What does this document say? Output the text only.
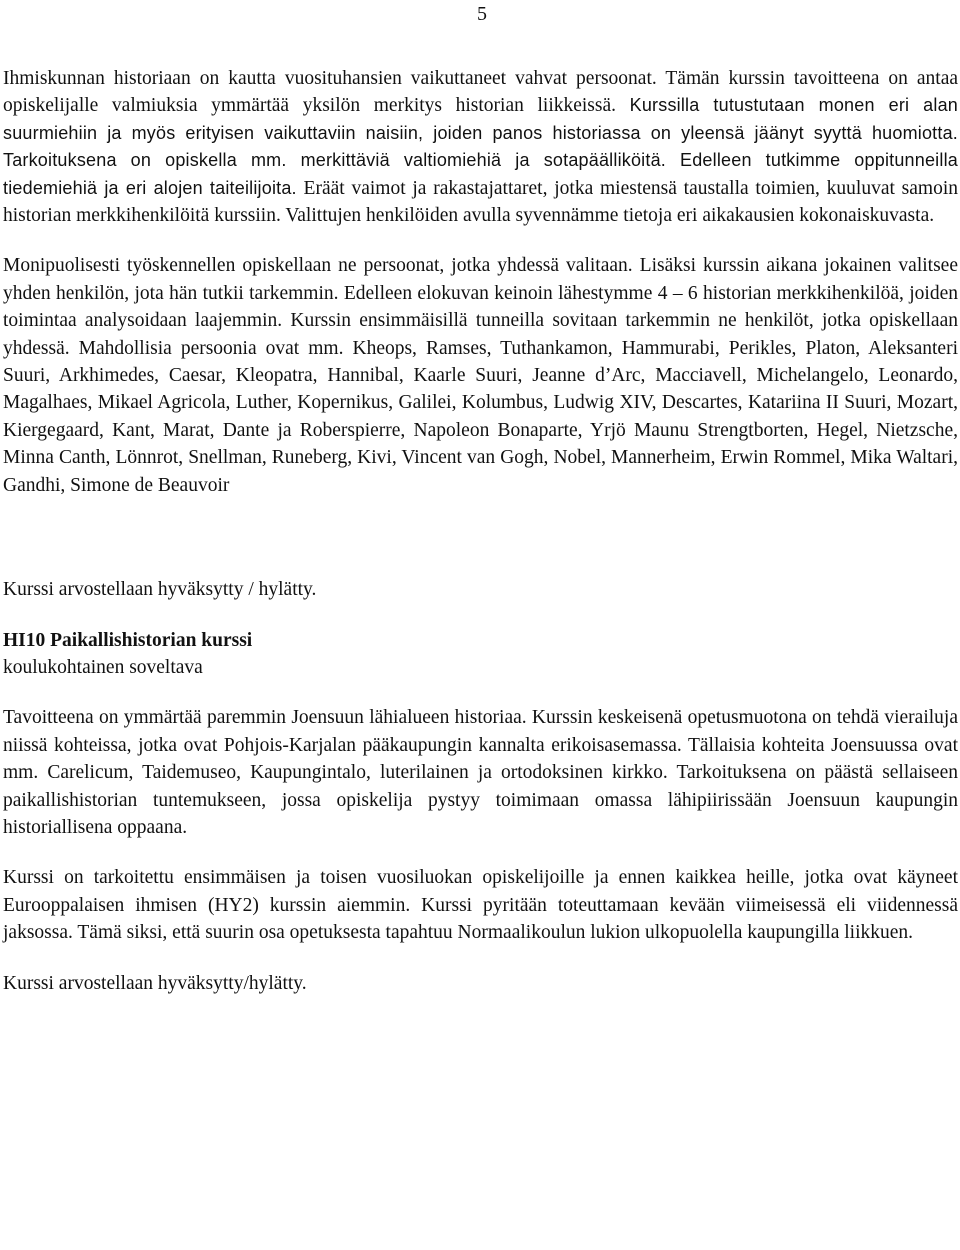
5

Ihmiskunnan historiaan on kautta vuosituhansien vaikuttaneet vahvat persoonat. Tämän kurssin tavoitteena on antaa opiskelijalle valmiuksia ymmärtää yksilön merkitys historian liikkeissä. Kurssilla tutustutaan monen eri alan suurmiehiin ja myös erityisen vaikuttaviin naisiin, joiden panos historiassa on yleensä jäänyt syyttä huomiotta. Tarkoituksena on opiskella mm. merkittäviä valtiomiehiä ja sotapäälliköitä. Edelleen tutkimme oppitunneilla tiedemiehiä ja eri alojen taiteilijoita. Eräät vaimot ja rakastajattaret, jotka miestensä taustalla toimien, kuuluvat samoin historian merkkihenkilöitä kurssiin. Valittujen henkilöiden avulla syvennämme tietoja eri aikakausien kokonaiskuvasta.

Monipuolisesti työskennellen opiskellaan ne persoonat, jotka yhdessä valitaan. Lisäksi kurssin aikana jokainen valitsee yhden henkilön, jota hän tutkii tarkemmin. Edelleen elokuvan keinoin lähestymme 4 – 6 historian merkkihenkilöä, joiden toimintaa analysoidaan laajemmin. Kurssin ensimmäisillä tunneilla sovitaan tarkemmin ne henkilöt, jotka opiskellaan yhdessä. Mahdollisia persoonia ovat mm. Kheops, Ramses, Tuthankamon, Hammurabi, Perikles, Platon, Aleksanteri Suuri, Arkhimedes, Caesar, Kleopatra, Hannibal, Kaarle Suuri, Jeanne d’Arc, Macciavell, Michelangelo, Leonardo, Magalhaes, Mikael Agricola, Luther, Kopernikus, Galilei, Kolumbus, Ludwig XIV, Descartes, Katariina II Suuri, Mozart, Kiergegaard, Kant, Marat, Dante ja Roberspierre, Napoleon Bonaparte, Yrjö Maunu Strengtborten, Hegel, Nietzsche, Minna Canth, Lönnrot, Snellman, Runeberg, Kivi, Vincent van Gogh, Nobel, Mannerheim, Erwin Rommel, Mika Waltari, Gandhi, Simone de Beauvoir

Kurssi arvostellaan hyväksytty / hylätty.

HI10 Paikallishistorian kurssi

koulukohtainen soveltava

Tavoitteena on ymmärtää paremmin Joensuun lähialueen historiaa. Kurssin keskeisenä opetusmuotona on tehdä vierailuja niissä kohteissa, jotka ovat Pohjois-Karjalan pääkaupungin kannalta erikoisasemassa. Tällaisia kohteita Joensuussa ovat mm. Carelicum, Taidemuseo, Kaupungintalo, luterilainen ja ortodoksinen kirkko. Tarkoituksena on päästä sellaiseen paikallishistorian tuntemukseen, jossa opiskelija pystyy toimimaan omassa lähipiirissään Joensuun kaupungin historiallisena oppaana.

Kurssi on tarkoitettu ensimmäisen ja toisen vuosiluokan opiskelijoille ja ennen kaikkea heille, jotka ovat käyneet Eurooppalaisen ihmisen (HY2) kurssin aiemmin. Kurssi pyritään toteuttamaan kevään viimeisessä eli viidennessä jaksossa. Tämä siksi, että suurin osa opetuksesta tapahtuu Normaalikoulun lukion ulkopuolella kaupungilla liikkuen.

Kurssi arvostellaan hyväksytty/hylätty.
